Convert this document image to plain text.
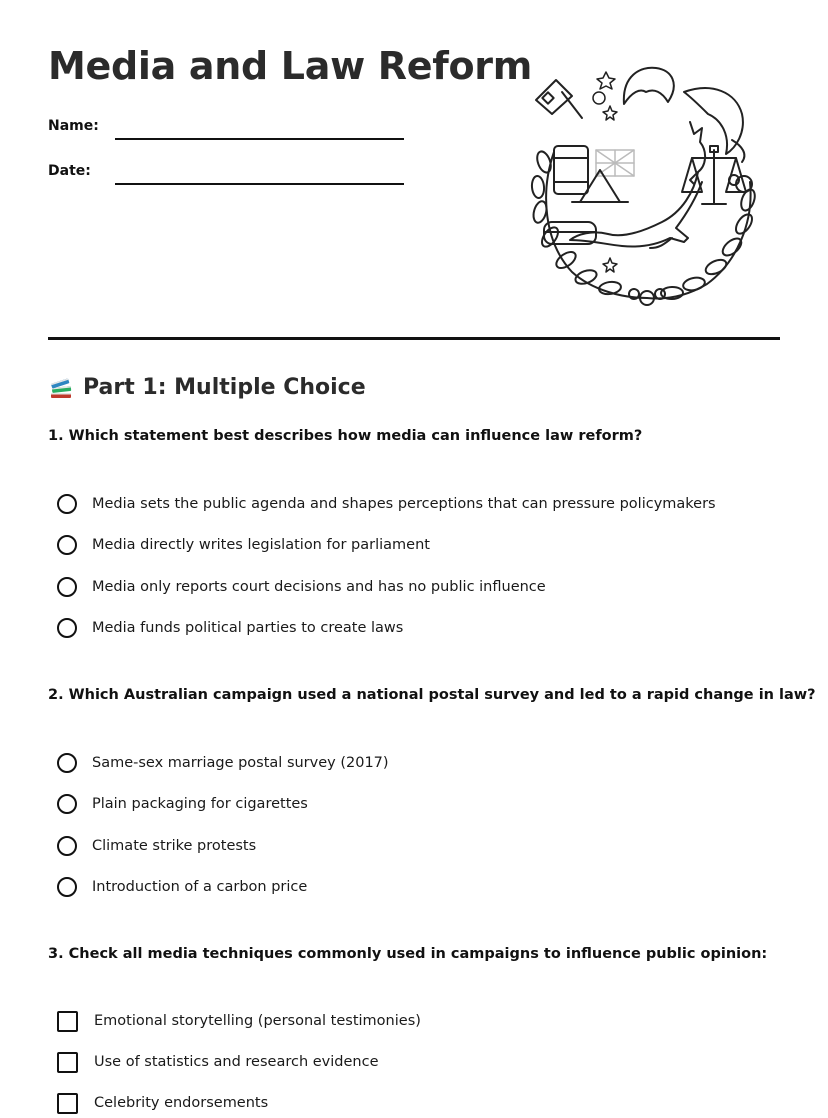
Media and Law Reform
Name:
Date:
Part 1: Multiple Choice

1. Which statement best describes how media can influence law reform?

Media sets the public agenda and shapes perceptions that can pressure policymakers
Media directly writes legislation for parliament
Media only reports court decisions and has no public influence
Media funds political parties to create laws

2. Which Australian campaign used a national postal survey and led to a rapid change in law?

Same-sex marriage postal survey (2017)
Plain packaging for cigarettes
Climate strike protests
Introduction of a carbon price

3. Check all media techniques commonly used in campaigns to influence public opinion:

Emotional storytelling (personal testimonies)
Use of statistics and research evidence
Celebrity endorsements
